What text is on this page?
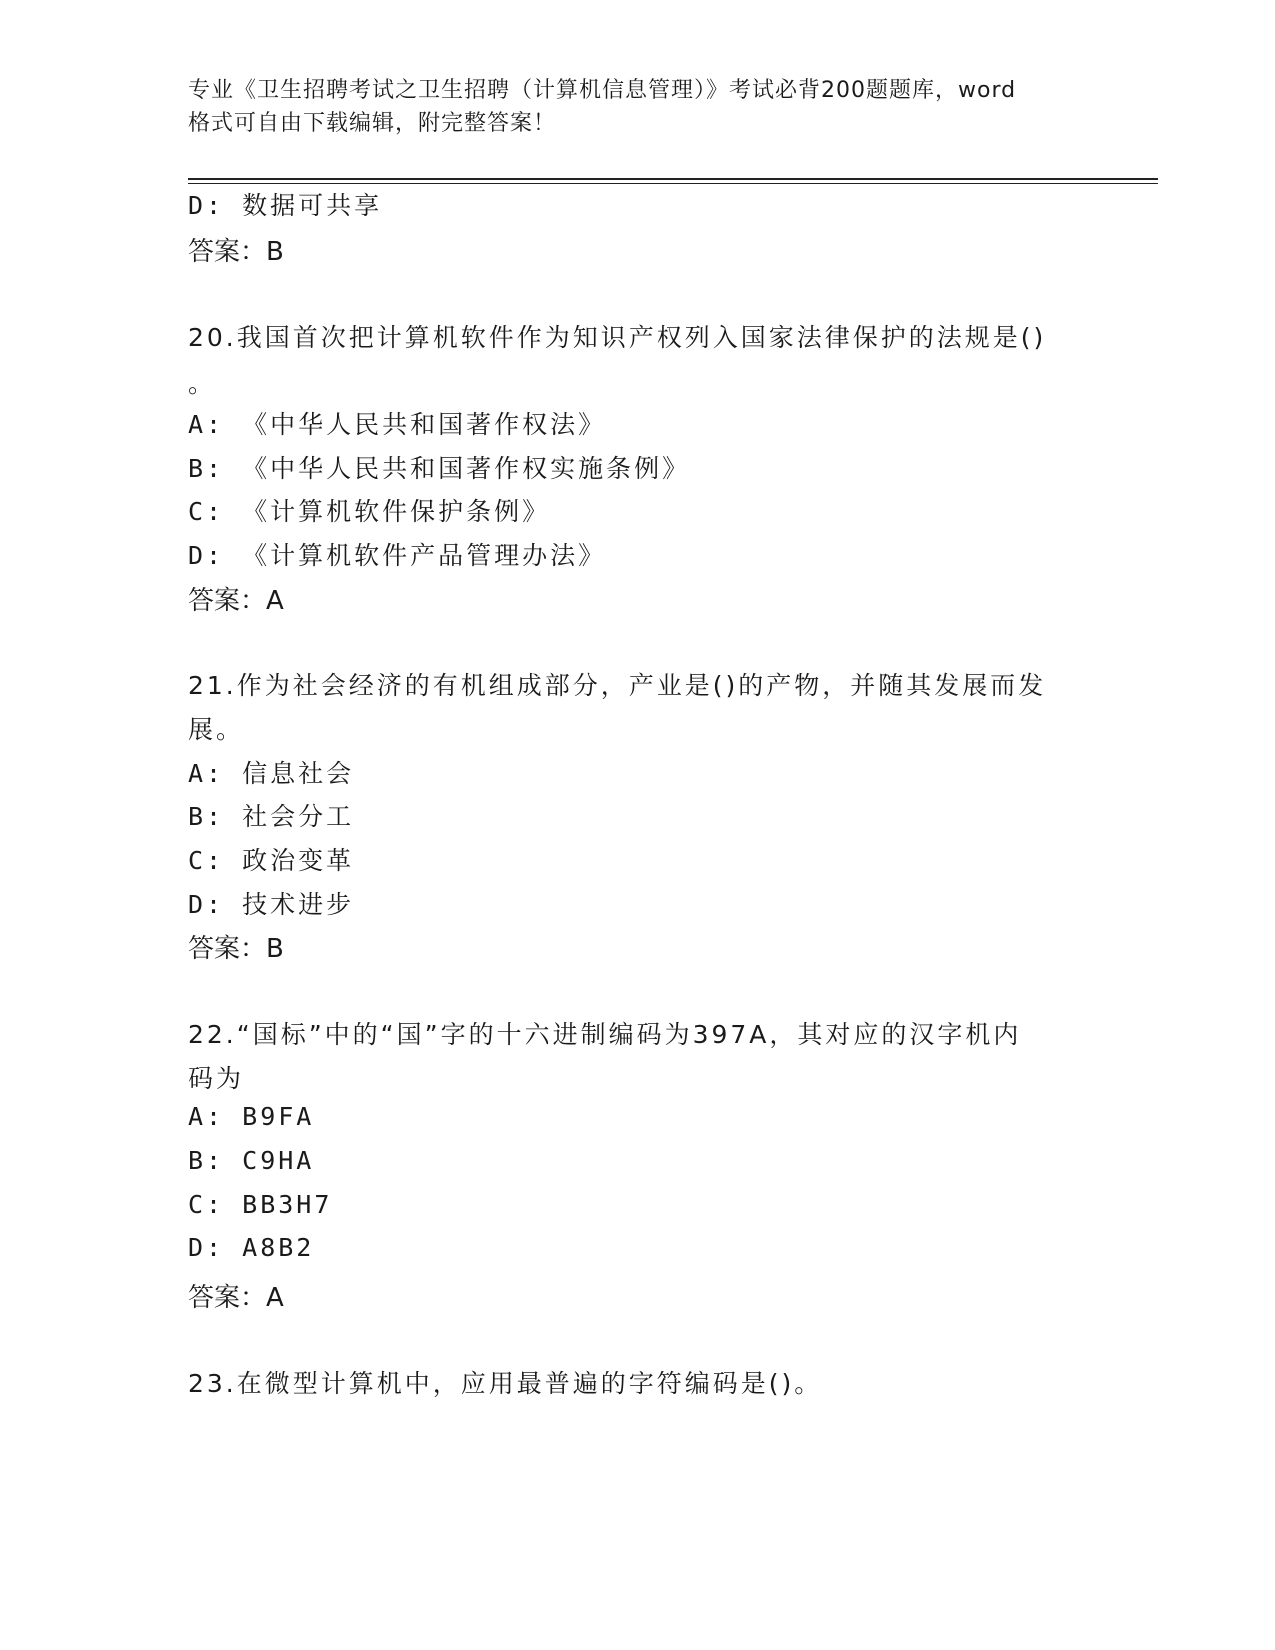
专业《卫生招聘考试之卫生招聘（计算机信息管理）》考试必背200题题库，word
格式可自由下载编辑，附完整答案！
D: 数据可共享
答案：B
20.我国首次把计算机软件作为知识产权列入国家法律保护的法规是()
。
A: 《中华人民共和国著作权法》
B: 《中华人民共和国著作权实施条例》
C: 《计算机软件保护条例》
D: 《计算机软件产品管理办法》
答案：A
21.作为社会经济的有机组成部分，产业是()的产物，并随其发展而发
展。
A: 信息社会
B: 社会分工
C: 政治变革
D: 技术进步
答案：B
22.“国标”中的“国”字的十六进制编码为397A，其对应的汉字机内
码为
A: B9FA
B: C9HA
C: BB3H7
D: A8B2
答案：A
23.在微型计算机中，应用最普遍的字符编码是()。
